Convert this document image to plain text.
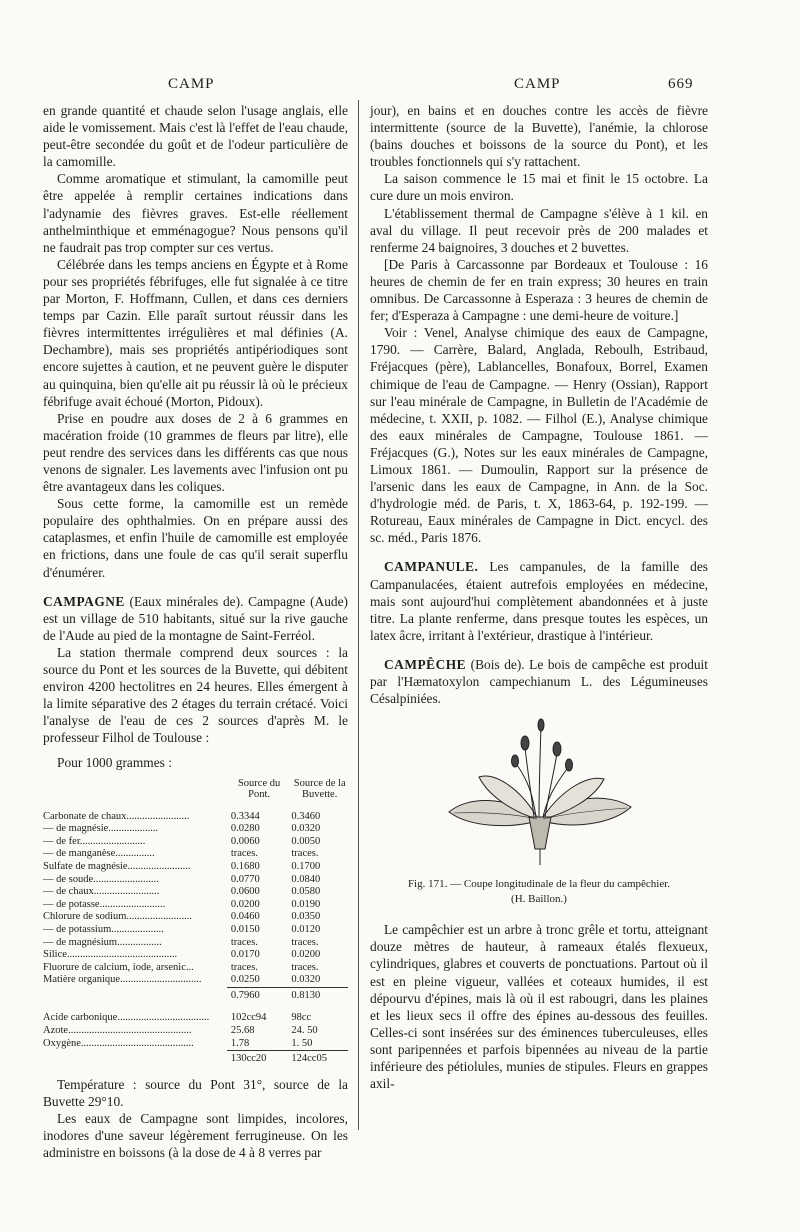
CAMP	CAMP	669

en grande quantité et chaude selon l'usage anglais, elle aide le vomissement. Mais c'est là l'effet de l'eau chaude, peut-être secondée du goût et de l'odeur particulière de la camomille.

Comme aromatique et stimulant, la camomille peut être appelée à remplir certaines indications dans l'adynamie des fièvres graves. Est-elle réellement anthelminthique et emménagogue? Nous pensons qu'il ne faudrait pas trop compter sur ces vertus.

Célébrée dans les temps anciens en Égypte et à Rome pour ses propriétés fébrifuges, elle fut signalée à ce titre par Morton, F. Hoffmann, Cullen, et dans ces derniers temps par Cazin. Elle paraît surtout réussir dans les fièvres intermittentes irrégulières et mal définies (A. Dechambre), mais ses propriétés antipériodiques sont encore sujettes à caution, et ne peuvent guère le disputer au quinquina, bien qu'elle ait pu réussir là où le précieux fébrifuge avait échoué (Morton, Pidoux).

Prise en poudre aux doses de 2 à 6 grammes en macération froide (10 grammes de fleurs par litre), elle peut rendre des services dans les différents cas que nous venons de signaler. Les lavements avec l'infusion ont pu être avantageux dans les coliques.

Sous cette forme, la camomille est un remède populaire des ophthalmies. On en prépare aussi des cataplasmes, et enfin l'huile de camomille est employée en frictions, dans une foule de cas qu'il serait superflu d'énumérer.

CAMPAGNE (Eaux minérales de). Campagne (Aude) est un village de 510 habitants, situé sur la rive gauche de l'Aude au pied de la montagne de Saint-Ferréol.

La station thermale comprend deux sources : la source du Pont et les sources de la Buvette, qui débitent environ 4200 hectolitres en 24 heures. Elles émergent à la limite séparative des 2 étages du terrain crétacé. Voici l'analyse de l'eau de ces 2 sources d'après M. le professeur Filhol de Toulouse :

Pour 1000 grammes :

	Source du Pont.	Source de la Buvette.

Carbonate de chaux........................	0.3344	0.3460
— de magnésie...................	0.0280	0.0320
— de fer.........................	0.0060	0.0050
— de manganèse...............	traces.	traces.
Sulfate de magnésie........................	0.1680	0.1700
— de soude.........................	0.0770	0.0840
— de chaux.........................	0.0600	0.0580
— de potasse.........................	0.0200	0.0190
Chlorure de sodium.........................	0.0460	0.0350
— de potassium....................	0.0150	0.0120
— de magnésium.................	traces.	traces.
Silice..........................................	0.0170	0.0200
Fluorure de calcium, iode, arsenic...	traces.	traces.
Matière organique...............................	0.0250	0.0320
	0.7960	0.8130

Acide carbonique...................................	102cc94	98cc
Azote...............................................	25.68	24. 50
Oxygène...........................................	1.78	1. 50
	130cc20	124cc05

Température : source du Pont 31°, source de la Buvette 29°10.

Les eaux de Campagne sont limpides, incolores, inodores d'une saveur légèrement ferrugineuse. On les administre en boissons (à la dose de 4 à 8 verres par

jour), en bains et en douches contre les accès de fièvre intermittente (source de la Buvette), l'anémie, la chlorose (bains douches et boissons de la source du Pont), et les troubles fonctionnels qui s'y rattachent.

La saison commence le 15 mai et finit le 15 octobre. La cure dure un mois environ.

L'établissement thermal de Campagne s'élève à 1 kil. en aval du village. Il peut recevoir près de 200 malades et renferme 24 baignoires, 3 douches et 2 buvettes.

[De Paris à Carcassonne par Bordeaux et Toulouse : 16 heures de chemin de fer en train express; 30 heures en train omnibus. De Carcassonne à Esperaza : 3 heures de chemin de fer; d'Esperaza à Campagne : une demi-heure de voiture.]

Voir : Venel, Analyse chimique des eaux de Campagne, 1790. — Carrère, Balard, Anglada, Reboulh, Estribaud, Fréjacques (père), Lablancelles, Bonafoux, Borrel, Examen chimique de l'eau de Campagne. — Henry (Ossian), Rapport sur l'eau minérale de Campagne, in Bulletin de l'Académie de médecine, t. XXII, p. 1082. — Filhol (E.), Analyse chimique des eaux minérales de Campagne, Toulouse 1861. — Fréjacques (G.), Notes sur les eaux minérales de Campagne, Limoux 1861. — Dumoulin, Rapport sur la présence de l'arsenic dans les eaux de Campagne, in Ann. de la Soc. d'hydrologie méd. de Paris, t. X, 1863-64, p. 192-199. — Rotureau, Eaux minérales de Campagne in Dict. encycl. des sc. méd., Paris 1876.

CAMPANULE. Les campanules, de la famille des Campanulacées, étaient autrefois employées en médecine, mais sont aujourd'hui complètement abandonnées et à juste titre. La plante renferme, dans presque toutes les espèces, un latex âcre, irritant à l'extérieur, drastique à l'intérieur.

CAMPÊCHE (Bois de). Le bois de campêche est produit par l'Hæmatoxylon campechianum L. des Légumineuses Césalpiniées.

Fig. 171. — Coupe longitudinale de la fleur du campêchier.
(H. Baillon.)

Le campêchier est un arbre à tronc grêle et tortu, atteignant douze mètres de hauteur, à rameaux étalés flexueux, cylindriques, glabres et couverts de ponctuations. Partout où il est en pleine vigueur, vallées et coteaux humides, il est dépourvu d'épines, mais là où il est rabougri, dans les plaines et les lieux secs il offre des épines au-dessous des feuilles. Celles-ci sont insérées sur des éminences tuberculeuses, elles sont paripennées et parfois bipennées au niveau de la partie inférieure des pétiolules, munies de stipules. Fleurs en grappes axil-
